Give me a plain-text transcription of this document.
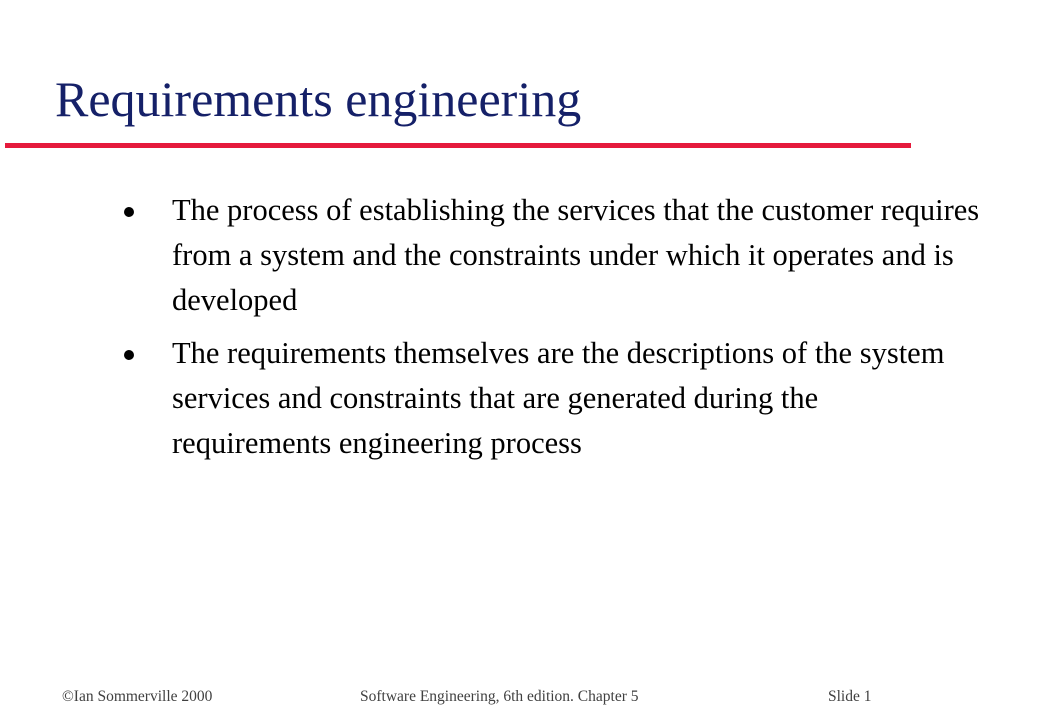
Requirements engineering
The process of establishing the services that the customer requires from a system and the constraints under which it operates and is developed
The requirements themselves are the descriptions of the system services and constraints that are generated during the requirements engineering process
©Ian Sommerville 2000	Software Engineering, 6th edition. Chapter 5	Slide 1
